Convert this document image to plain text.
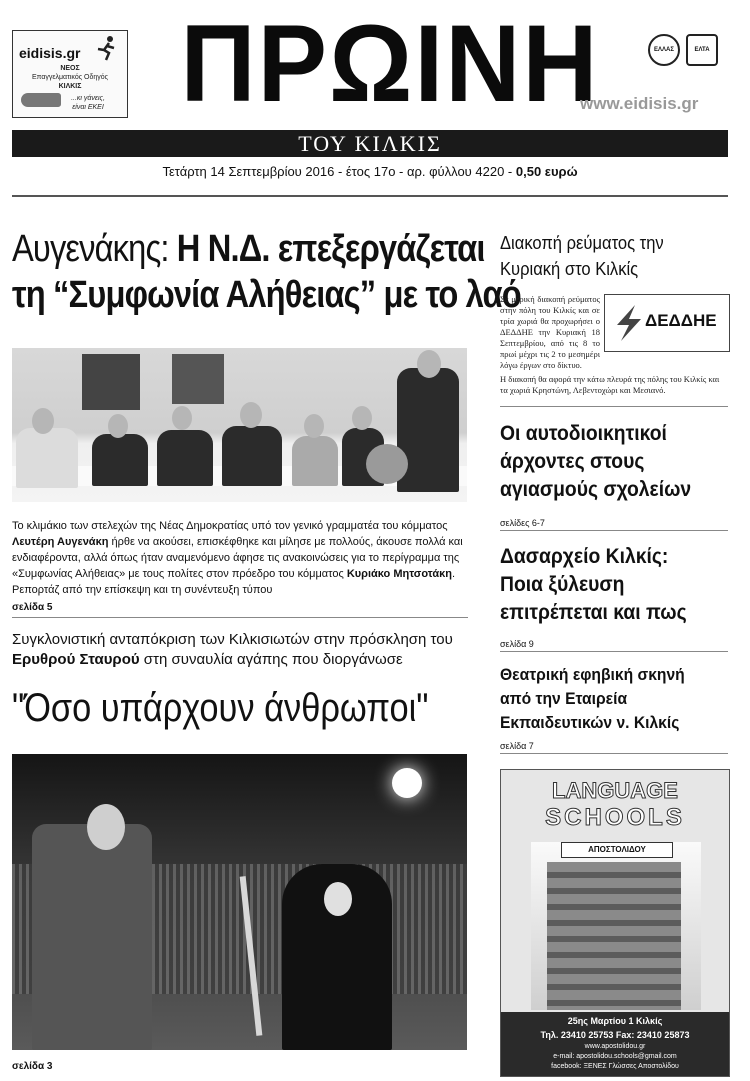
eidisis.gr
ΝΕΟΣ
Επαγγελματικός Οδηγός
ΚΙΛΚΙΣ
...κι γάνεις,
είναι ΕΚΕΙ ΠΡΩΙΝΗ	ΕΛΛΑΣ	ΕΛΤΑ
www.eidisis.gr
ΤΟΥ ΚΙΛΚΙΣ
Τετάρτη 14 Σεπτεμβρίου 2016 - έτος 17ο - αρ. φύλλου 4220 - 0,50 ευρώ
Αυγενάκης: Η Ν.Δ. επεξεργάζεται
τη “Συμφωνία Αλήθειας” με το λαό
Το κλιμάκιο των στελεχών της Νέας Δημοκρατίας υπό τον γενικό γραμματέα του κόμματος Λευτέρη Αυγενάκη ήρθε να ακούσει, επισκέφθηκε και μίλησε με πολλούς, άκουσε πολλά και ενδιαφέροντα, αλλά όπως ήταν αναμενόμενο άφησε τις ανακοινώσεις για το περίγραμμα της «Συμφωνίας Αλήθειας» με τους πολίτες στον πρόεδρο του κόμματος Κυριάκο Μητσοτάκη. Ρεπορτάζ από την επίσκεψη και τη συνέντευξη τύπου
σελίδα 5
Συγκλονιστική ανταπόκριση των Κιλκισιωτών στην πρόσκληση του Ερυθρού Σταυρού στη συναυλία αγάπης που διοργάνωσε
"Όσο υπάρχουν άνθρωποι"
σελίδα 3
Διακοπή ρεύματος την Κυριακή στο Κιλκίς
Σε μερική διακοπή ρεύματος στην πόλη του Κιλκίς και σε τρία χωριά θα προχωρήσει ο ΔΕΔΔΗΕ την Κυριακή 18 Σεπτεμβρίου, από τις 8 το πρωί μέχρι τις 2 το μεσημέρι λόγω έργων στο δίκτυο.
ΔΕΔΔΗΕ
Η διακοπή θα αφορά την κάτω πλευρά της πόλης του Κιλκίς και τα χωριά Κρηστώνη, Λεβεντοχώρι και Μεσιανό.
Οι αυτοδιοικητικοί άρχοντες στους αγιασμούς σχολείων
σελίδες 6-7
Δασαρχείο Κιλκίς: Ποια ξύλευση επιτρέπεται και πως
σελίδα 9
Θεατρική εφηβική σκηνή από την Εταιρεία Εκπαιδευτικών ν. Κιλκίς
σελίδα 7
LANGUAGE
SCHOOLS
ΑΠΟΣΤΟΛΙΔΟΥ
25ης Μαρτίου 1 Κιλκίς
Τηλ. 23410 25753 Fax: 23410 25873
www.apostolidou.gr
e-mail: apostolidou.schools@gmail.com
facebook: ΞΕΝΕΣ Γλώσσες Αποστολίδου
